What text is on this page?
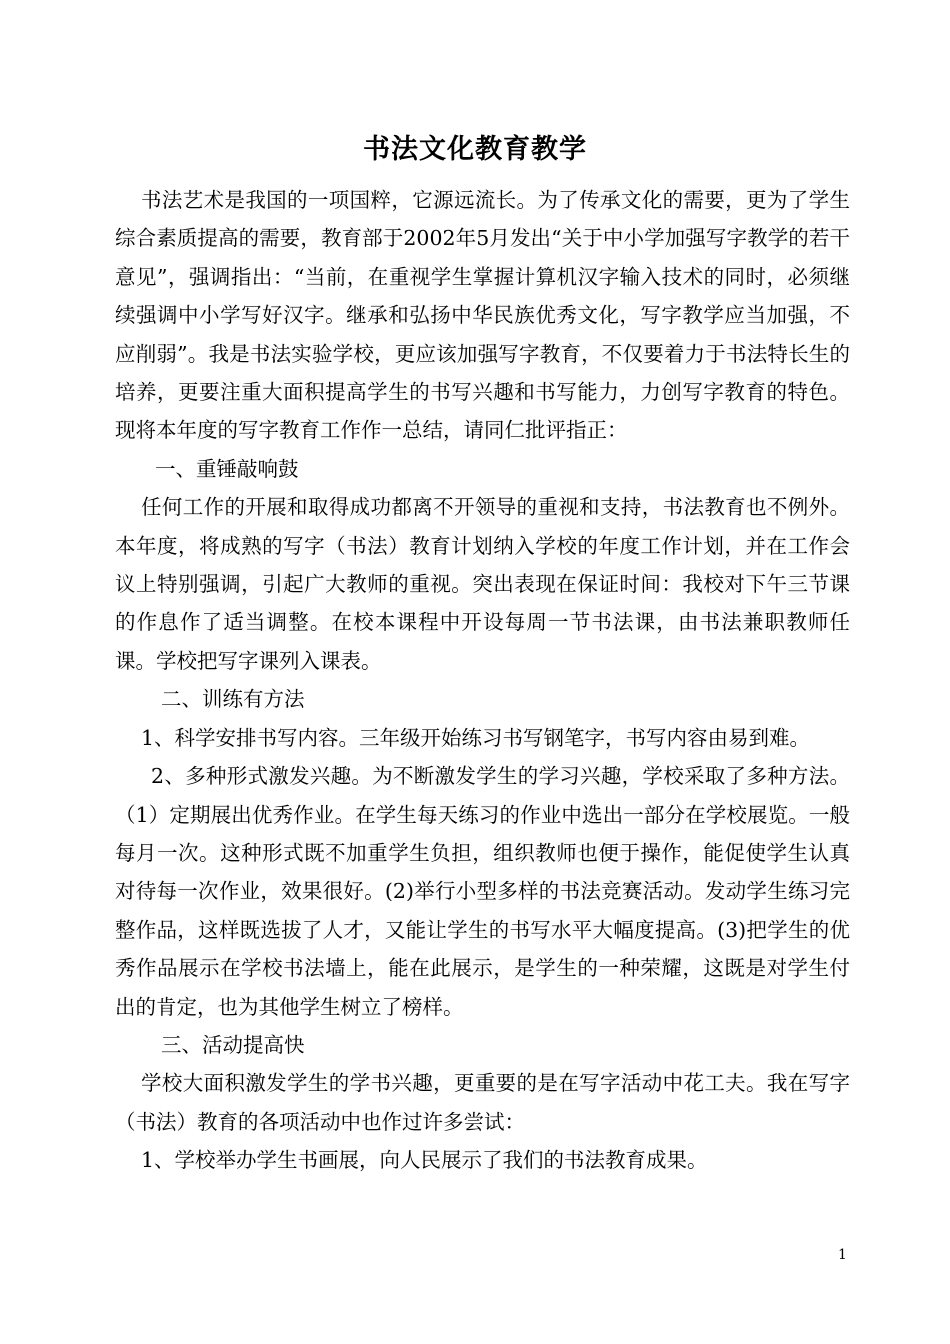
书法文化教育教学

书法艺术是我国的一项国粹，它源远流长。为了传承文化的需要，更为了学生综合素质提高的需要，教育部于2002年5月发出“关于中小学加强写字教学的若干意见”，强调指出：“当前，在重视学生掌握计算机汉字输入技术的同时，必须继续强调中小学写好汉字。继承和弘扬中华民族优秀文化，写字教学应当加强，不应削弱”。我是书法实验学校，更应该加强写字教育，不仅要着力于书法特长生的培养，更要注重大面积提高学生的书写兴趣和书写能力，力创写字教育的特色。现将本年度的写字教育工作作一总结，请同仁批评指正：

一、重锤敲响鼓

任何工作的开展和取得成功都离不开领导的重视和支持，书法教育也不例外。本年度，将成熟的写字（书法）教育计划纳入学校的年度工作计划，并在工作会议上特别强调，引起广大教师的重视。突出表现在保证时间：我校对下午三节课的作息作了适当调整。在校本课程中开设每周一节书法课，由书法兼职教师任课。学校把写字课列入课表。

二、训练有方法

1、科学安排书写内容。三年级开始练习书写钢笔字，书写内容由易到难。

2、多种形式激发兴趣。为不断激发学生的学习兴趣，学校采取了多种方法。（1）定期展出优秀作业。在学生每天练习的作业中选出一部分在学校展览。一般每月一次。这种形式既不加重学生负担，组织教师也便于操作，能促使学生认真对待每一次作业，效果很好。(2)举行小型多样的书法竞赛活动。发动学生练习完整作品，这样既选拔了人才，又能让学生的书写水平大幅度提高。(3)把学生的优秀作品展示在学校书法墙上，能在此展示，是学生的一种荣耀，这既是对学生付出的肯定，也为其他学生树立了榜样。

三、活动提高快

学校大面积激发学生的学书兴趣，更重要的是在写字活动中花工夫。我在写字（书法）教育的各项活动中也作过许多尝试：

1、学校举办学生书画展，向人民展示了我们的书法教育成果。

1
